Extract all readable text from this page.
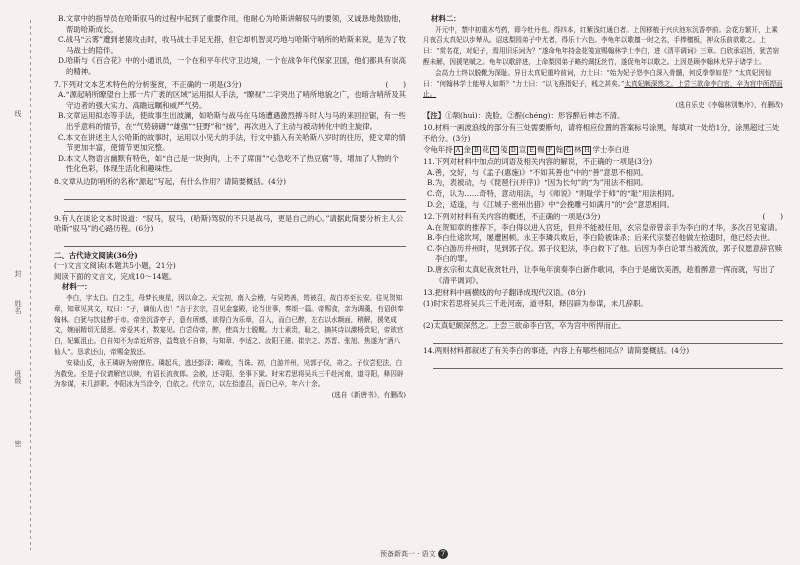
线
封
姓名
密
班级

B.文章中的指导员在哈斯驭马的过程中起到了重要作用，他耐心为哈斯讲解驭马的要领，又诚恳地鼓励他，帮助哈斯成长。

C.战马“云雾”遭到老猿攻击时，收马战士手足无措，但它却机智灵巧地与哈斯守哨所的哈斯来说，是为了牧马战士的陪伴。

D.哈斯与《百合花》中的小通讯员，一个在和平年代守卫边境，一个在战争年代保家卫国，他们都具有崇高的精神。

7.下列对文本艺术特色的分析鉴赏，不正确的一项是(3分)	(　　)

A.“源起哨所瞭望台上那一片广袤的区域”运用拟人手法，“瞭视”二字突出了哨所地貌之广，也暗含哨所及其守边者的强大实力、高瞻远瞩和威严气势。

B.文章运用拟态等手法，使故事生出波澜，如哈斯与战马在马场遭遇激烈搏斗时人与马的来回拉锯，有一些出乎意料的情节，在“气势磅礴”“雄强”“狂野”和“扬”，再次进入了主动与被动转化中的主旋律。

C.本文在讲述主人公哈斯的故事时，运用以小见大的手法，行文中插入有关哈斯八岁时的往历，使文章的情节更加丰富，使情节更加完整。

D.本文人物语言幽默有特色，如“自己是一块狗肉，上不了席面”“心急吃不了热豆腐”等，增加了人物的个性化色彩，体现生活化和趣味性。

8.文章从边防哨所的名称“源起”写起，有什么作用？请简要概括。(4分)

9.有人在谈论文本时说道：“驭马，驭马，(哈斯)驾驭的不只是战马，更是自己的心。”请据此简要分析主人公哈斯“驭马”的心路历程。(6分)

二、古代诗文阅读(36分)

(一)文言文阅读(本题共5小题，21分)

阅读下面的文言文，完成10～14题。

材料一：

李白，字太白。白之生，母梦长庚星，因以命之。天宝初，南入会稽，与吴筠善，筠被召，故白亦至长安。往见贺知章，知章见其文，叹曰：“子，谪仙人也！”言于玄宗，召见金銮殿，论当世事，奏颂一篇。帝赐食，亲为调羹，有诏供奉翰林。白犹与饮徒醉于市。帝坐沉香亭子，意有所感，欲得白为乐章，召入，而白已醉，左右以水颒面，稍解，援笔成文，婉丽精切无留思。帝爱其才，数宴见。白尝侍帝，醉，使高力士脱靴。力士素贵，耻之，摘其诗以激杨贵妃，帝欲官白，妃辄沮止。白自知不为亲近所容，益骜放不自修，与知章、李适之、汝阳王琎、崔宗之、苏晋、张旭、焦遂为“酒八仙人”。恳求还山，帝赐金放还。

安禄山反，永王璘辟为府僚佐。璘起兵，逃还彭泽；璘败，当诛。初，白游并州，见郭子仪，奇之。子仪尝犯法，白为救免。至是子仪请解官以赎，有诏长流夜郎。会赦，还寻阳，坐事下狱。时宋若思将吴兵三千赴河南，道寻阳，释囚辟为参谋，未几辞职。李阳冰为当涂令，白依之。代宗立，以左拾遗召，而白已卒，年六十余。

(选自《新唐书》，有删改)

材料二：

开元中，禁中初重木芍药，即今牡丹也。得四本，红紫浅红通白者。上因移植于兴庆池东沉香亭前。会花方繁开，上乘月夜召太真妃以步辇从。诏选梨园弟子中尤者，得乐十六色。李龟年以歌擅一时之名，手捧檀板，押众乐前欲歌之。上曰：“赏名花，对妃子，焉用旧乐词为？”遂命龟年持金花笺宣赐翰林学士李白，进《清平调词》三章。白欣承诏旨，犹苦宿酲未解，因援笔赋之。龟年以歌辞进，上命梨园弟子略约调抚丝竹，遂促龟年以歌之。上因是顾李翰林尤异于诸学士。

会高力士终以脱靴为深耻。异日太真妃重吟前词，力士曰：“始为妃子怨李白深入骨髓，何反拳拳如是？”太真妃因惊曰：“何翰林学士能辱人如斯？”力士曰：“以飞燕指妃子，贱之甚矣。”太真妃颇深然之。上尝三欲命李白官，卒为宫中所捍而止。

(选自乐史《李翰林别集序》，有删改)

【注】①颒(huì)：洗脸。②酲(chéng)：形容醉后神志不清。

10.材料一画波浪线的部分有三处需要断句，请将相应位置的答案标号涂黑，每填对一处给1分，涂黑超过三处不给分。(3分)

令龟年持 A 金 B 花 C 笺 D 宣 E 赐 F 翰 G 林 H 学士李白进

11.下列对材料中加点的词语及相关内容的解说，不正确的一项是(3分)

A.善，交好，与《孟子(惠施)》“不如其善也”中的“善”意思不相同。

B.为，表被动，与《琵琶行(并序)》“因为长句”的“为”用法不相同。

C.奇，认为……奇特，意动用法，与《师说》“则耻学于师”的“耻”用法相同。

D.会，适逢，与《江城子·密州出猎》中“会挽雕弓如满月”的“会”意思相同。

12.下列对材料有关内容的概述，不正确的一项是(3分)	(　　)

A.在贺知章的推荐下，李白得以进入宫廷，但并不能被任用，玄宗皇帝曾亲手为李白的才华，多次召见宴请。

B.李白仕途坎坷，屡遭困顿。永王李璘兵败后，李白险被诛杀；后来代宗要召他做左拾遗时，他已经去世。

C.李白游历并州时，见到郭子仪。郭子仪犯法，李白救下了他。后因为李白论罪当被流放，郭子仪愿意辞官赎李白的罪。

D.唐玄宗和太真妃夜赏牡丹，让李龟年演奏李白新作歌词，李白于是痛饮美酒，趁着醉意一挥而就，写出了《清平调词》。

13.把材料中画横线的句子翻译成现代汉语。(8分)

(1)时宋若思将吴兵三千赴河南，道寻阳，释囚辟为参谋，未几辞职。

(2)太真妃颇深然之。上尝三欲命李白官，卒为宫中所捍而止。

14.两则材料都叙述了有关李白的事迹，内容上有哪些相同点？请简要概括。(4分)

预备新高一 · 语文 7
